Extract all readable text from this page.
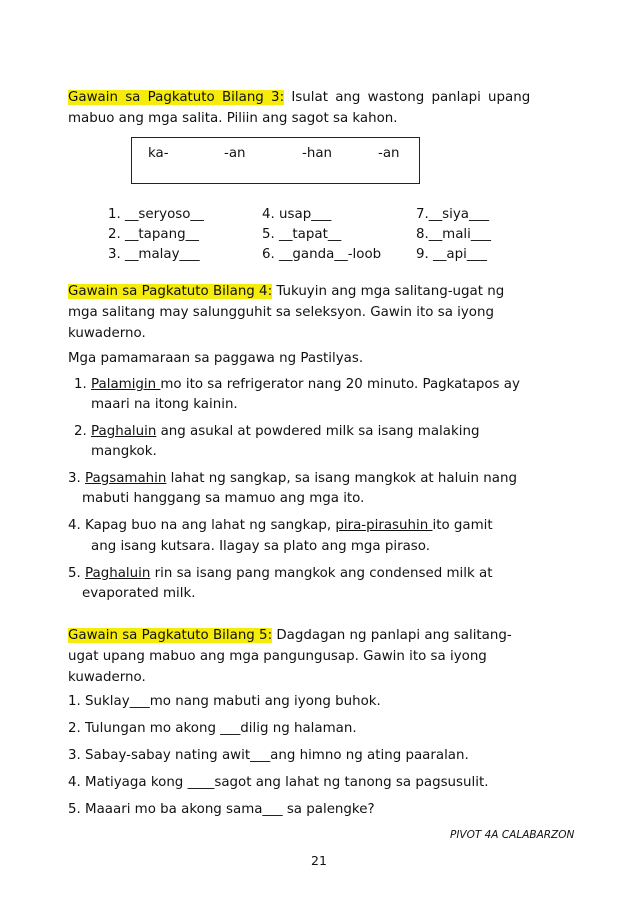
Gawain sa Pagkatuto Bilang 3: Isulat ang wastong panlapi upang
mabuo ang mga salita. Piliin ang sagot sa kahon.
ka-	-an	-han	-an
1. __seryoso__
2. __tapang__
3. __malay___
4. usap___
5. __tapat__
6. __ganda__-loob
7.__siya___
8.__mali___
9. __api___
Gawain sa Pagkatuto Bilang 4: Tukuyin ang mga salitang-ugat ng
mga salitang may salungguhit sa seleksyon. Gawin ito sa iyong
kuwaderno.
Mga pamamaraan sa paggawa ng Pastilyas.
1. Palamigin mo ito sa refrigerator nang 20 minuto. Pagkatapos ay
maari na itong kainin.
2. Paghaluin ang asukal at powdered milk sa isang malaking
mangkok.
3. Pagsamahin lahat ng sangkap, sa isang mangkok at haluin nang
mabuti hanggang sa mamuo ang mga ito.
4. Kapag buo na ang lahat ng sangkap, pira-pirasuhin ito gamit
ang isang kutsara. Ilagay sa plato ang mga piraso.
5. Paghaluin rin sa isang pang mangkok ang condensed milk at
evaporated milk.
Gawain sa Pagkatuto Bilang 5: Dagdagan ng panlapi ang salitang-
ugat upang mabuo ang mga pangungusap. Gawin ito sa iyong
kuwaderno.
1. Suklay___mo nang mabuti ang iyong buhok.
2. Tulungan mo akong ___dilig ng halaman.
3. Sabay-sabay nating awit___ang himno ng ating paaralan.
4. Matiyaga kong ____sagot ang lahat ng tanong sa pagsusulit.
5. Maaari mo ba akong sama___ sa palengke?
PIVOT 4A CALABARZON
21
